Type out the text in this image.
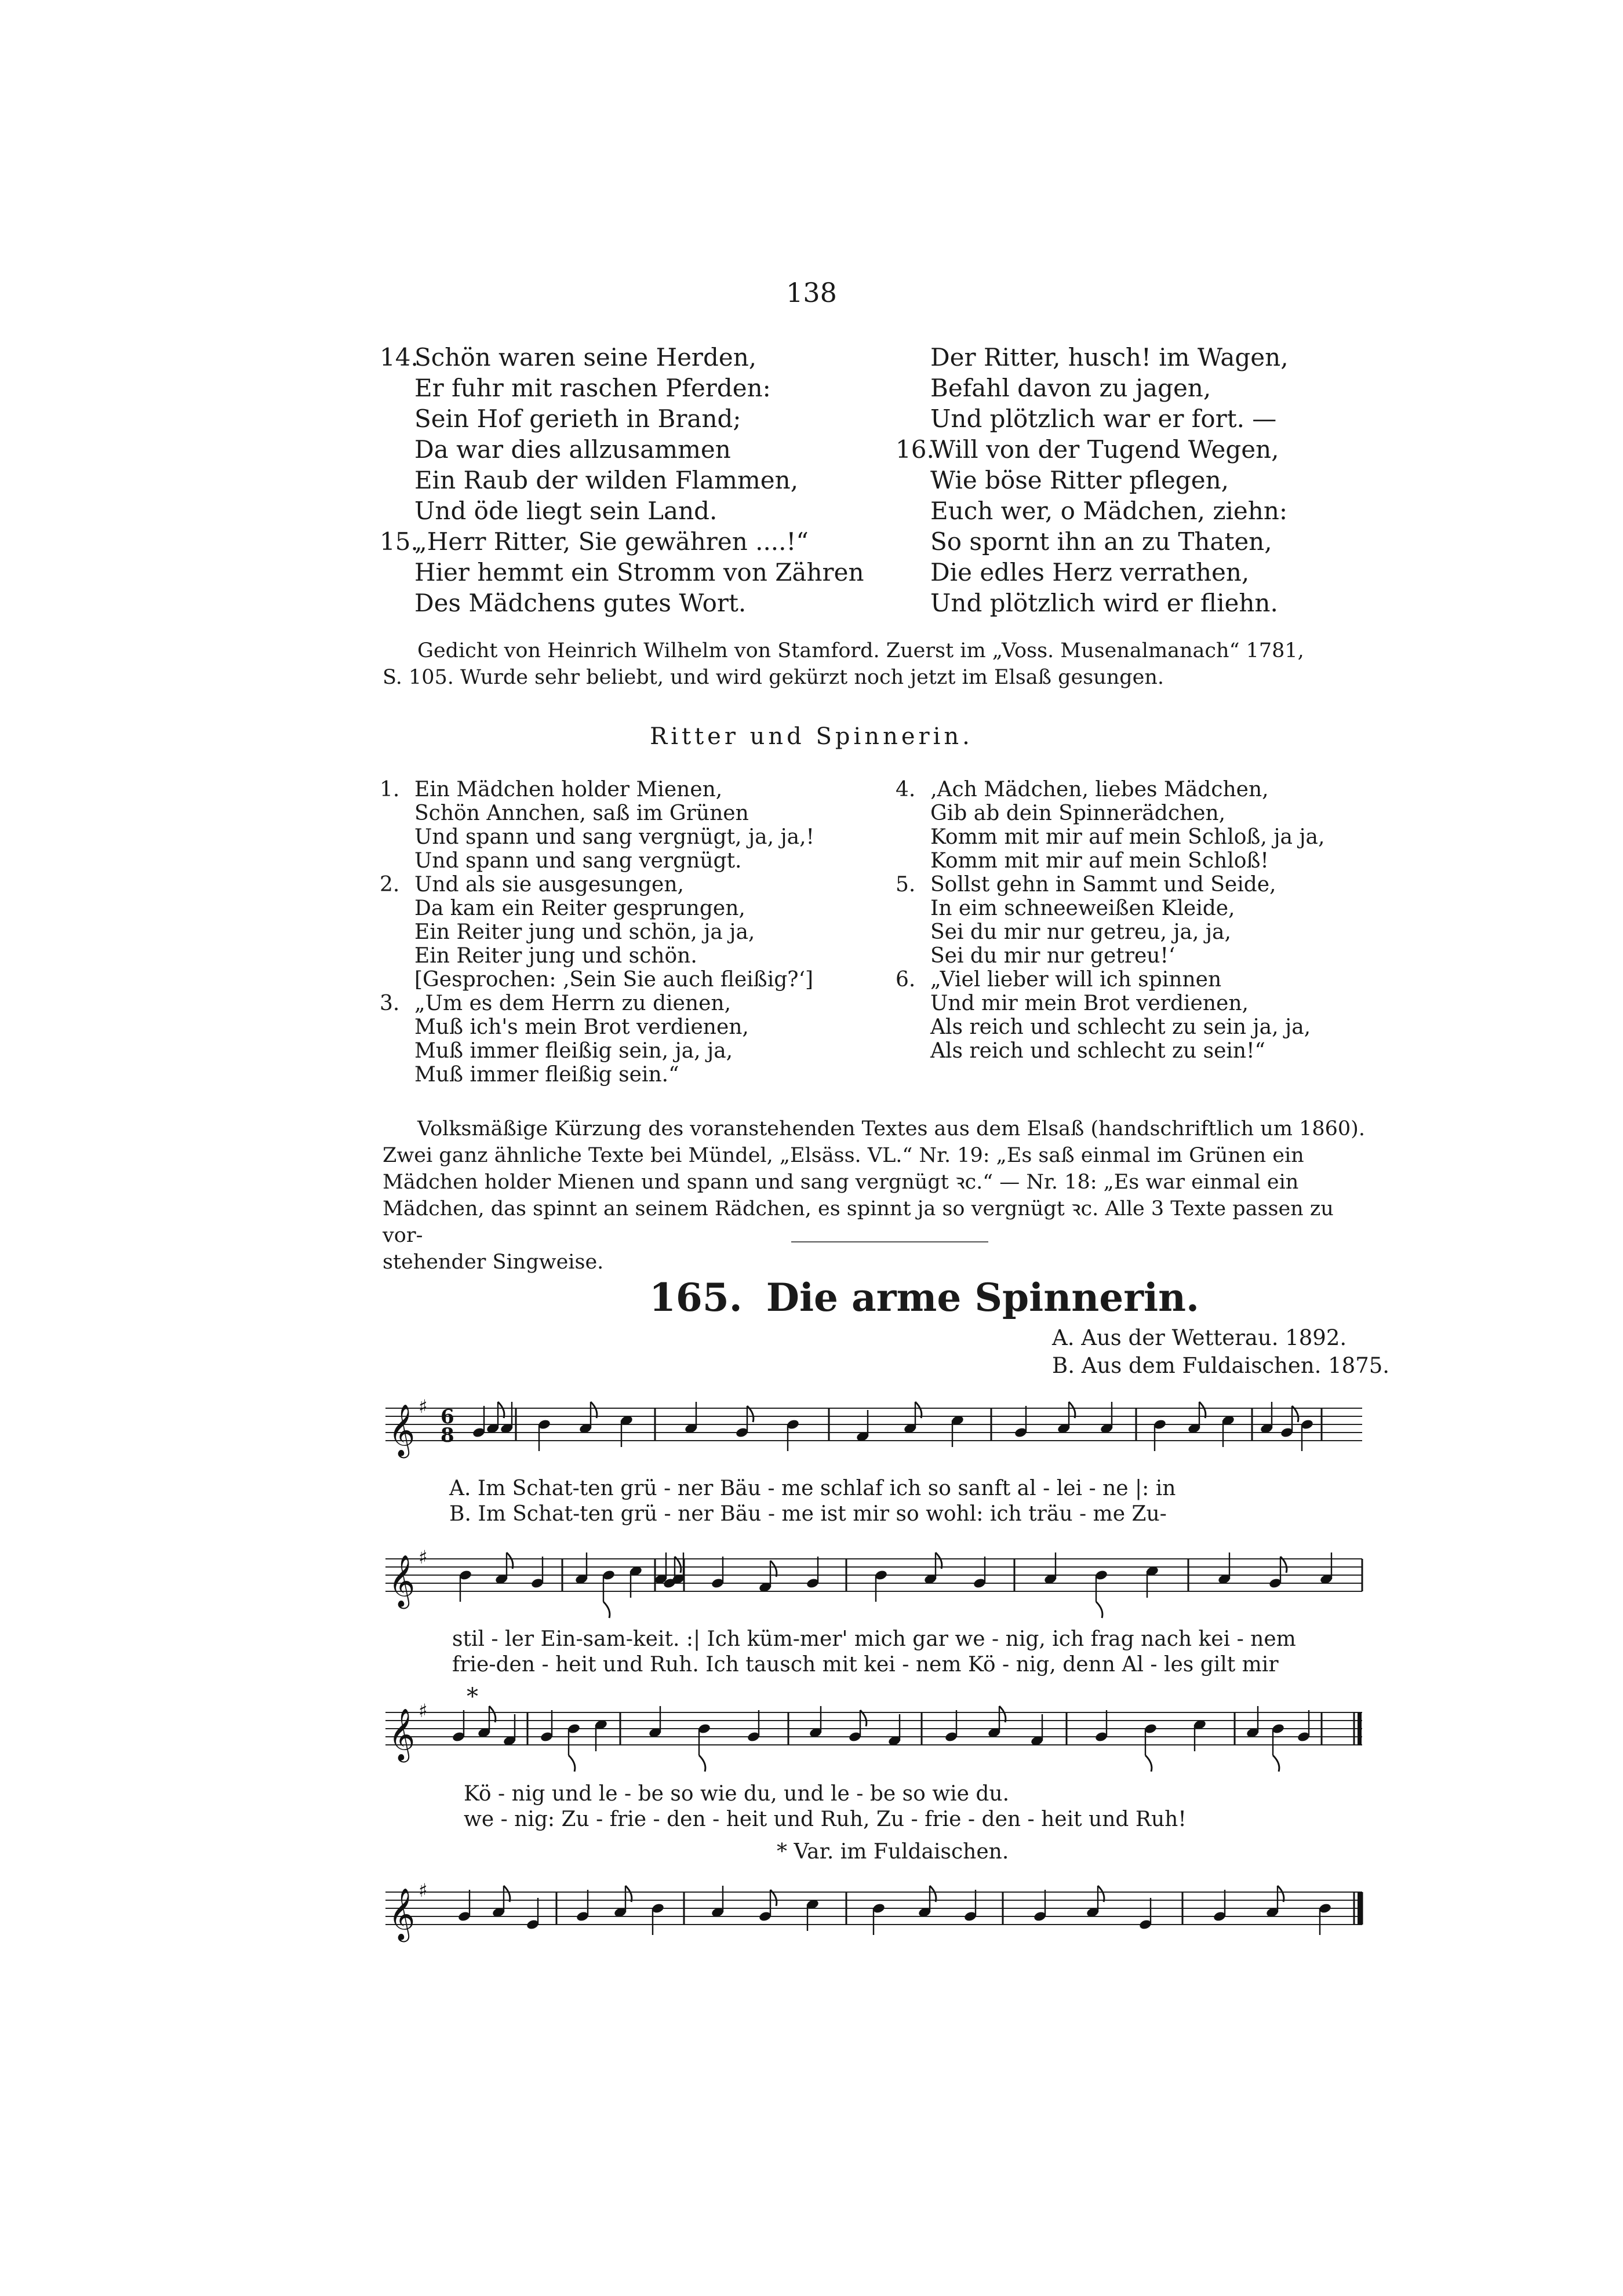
138
14.Schön waren seine Herden,
Er fuhr mit raschen Pferden:
Sein Hof gerieth in Brand;
Da war dies allzusammen
Ein Raub der wilden Flammen,
Und öde liegt sein Land.
15.„Herr Ritter, Sie gewähren ....!“
Hier hemmt ein Stromm von Zähren
Des Mädchens gutes Wort.
Der Ritter, husch! im Wagen,
Befahl davon zu jagen,
Und plötzlich war er fort. —
16.Will von der Tugend Wegen,
Wie böse Ritter pflegen,
Euch wer, o Mädchen, ziehn:
So spornt ihn an zu Thaten,
Die edles Herz verrathen,
Und plötzlich wird er fliehn.
Gedicht von Heinrich Wilhelm von Stamford. Zuerst im „Voss. Musenalmanach“ 1781,
S. 105. Wurde sehr beliebt, und wird gekürzt noch jetzt im Elsaß gesungen.
Ritter und Spinnerin.
1. Ein Mädchen holder Mienen,
Schön Annchen, saß im Grünen
Und spann und sang vergnügt, ja, ja,!
Und spann und sang vergnügt.
2. Und als sie ausgesungen,
Da kam ein Reiter gesprungen,
Ein Reiter jung und schön, ja ja,
Ein Reiter jung und schön.
[Gesprochen: ‚Sein Sie auch fleißig?‘]
3. „Um es dem Herrn zu dienen,
Muß ich's mein Brot verdienen,
Muß immer fleißig sein, ja, ja,
Muß immer fleißig sein.“
4. ‚Ach Mädchen, liebes Mädchen,
Gib ab dein Spinnerädchen,
Komm mit mir auf mein Schloß, ja ja,
Komm mit mir auf mein Schloß!
5. Sollst gehn in Sammt und Seide,
In eim schneeweißen Kleide,
Sei du mir nur getreu, ja, ja,
Sei du mir nur getreu!‘
6. „Viel lieber will ich spinnen
Und mir mein Brot verdienen,
Als reich und schlecht zu sein ja, ja,
Als reich und schlecht zu sein!“
Volksmäßige Kürzung des voranstehenden Textes aus dem Elsaß (handschriftlich um 1860).
Zwei ganz ähnliche Texte bei Mündel, „Elsäss. VL.“ Nr. 19: „Es saß einmal im Grünen ein
Mädchen holder Mienen und spann und sang vergnügt ꝛc.“ — Nr. 18: „Es war einmal ein
Mädchen, das spinnt an seinem Rädchen, es spinnt ja so vergnügt ꝛc. Alle 3 Texte passen zu vor-
stehender Singweise.
165. Die arme Spinnerin.
A. Aus der Wetterau. 1892.
B. Aus dem Fuldaischen. 1875.
𝄞 ♯ 6
8
A. Im Schat-ten grü - ner Bäu - me schlaf ich so sanft al - lei - ne |: in
B. Im Schat-ten grü - ner Bäu - me ist mir so wohl: ich träu - me Zu-
𝄞 ♯
stil - ler Ein-sam-keit. :| Ich küm-mer' mich gar we - nig, ich frag nach kei - nem
frie-den - heit und Ruh. Ich tausch mit kei - nem Kö - nig, denn Al - les gilt mir
*
𝄞 ♯
Kö - nig und le - be so wie du, und le - be so wie du.
we - nig: Zu - frie - den - heit und Ruh, Zu - frie - den - heit und Ruh!
* Var. im Fuldaischen.
𝄞 ♯
